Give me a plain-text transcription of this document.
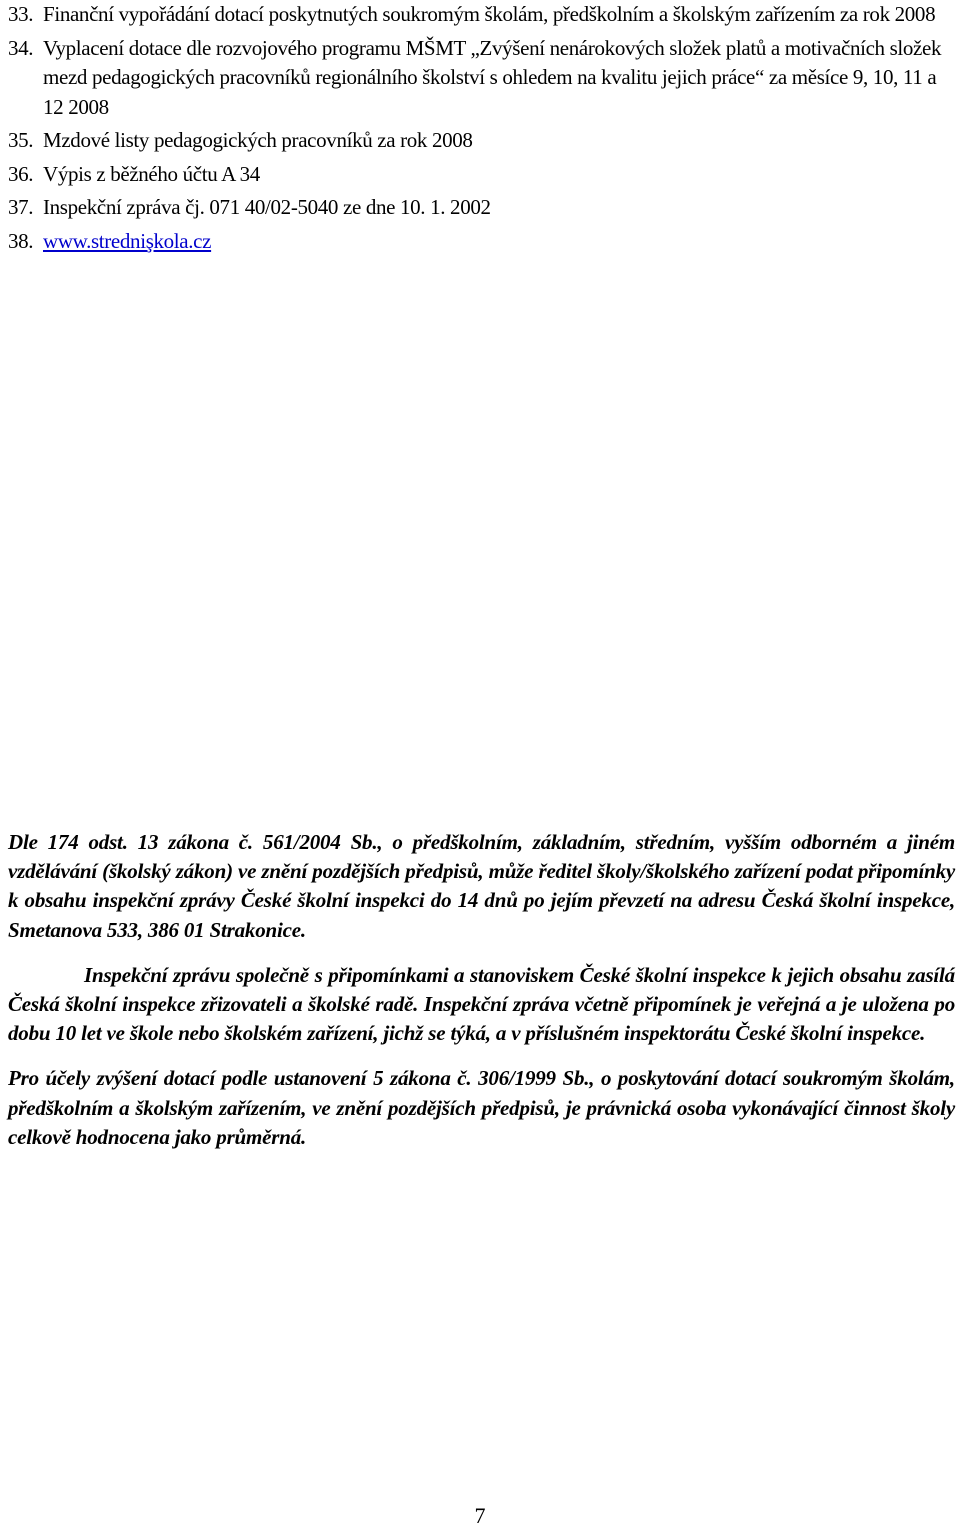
33. Finanční vypořádání dotací poskytnutých soukromým školám, předškolním a školským zařízením za rok 2008
34. Vyplacení dotace dle rozvojového programu MŠMT „Zvýšení nenárokových složek platů a motivačních složek mezd pedagogických pracovníků regionálního školství s ohledem na kvalitu jejich práce“ za měsíce 9, 10, 11 a 12 2008
35. Mzdové listy pedagogických pracovníků za rok 2008
36. Výpis z běžného účtu A 34
37. Inspekční zpráva čj. 071 40/02-5040 ze dne 10. 1. 2002
38. www.strednişkola.cz

Dle 174 odst. 13 zákona č. 561/2004 Sb., o předškolním, základním, středním, vyšším odborném a jiném vzdělávání (školský zákon) ve znění pozdějších předpisů, může ředitel školy/školského zařízení podat připomínky k obsahu inspekční zprávy České školní inspekci do 14 dnů po jejím převzetí na adresu Česká školní inspekce, Smetanova 533, 386 01 Strakonice.

Inspekční zprávu společně s připomínkami a stanoviskem České školní inspekce k jejich obsahu zasílá Česká školní inspekce zřizovateli a školské radě. Inspekční zpráva včetně připomínek je veřejná a je uložena po dobu 10 let ve škole nebo školském zařízení, jichž se týká, a v příslušném inspektorátu České školní inspekce.

Pro účely zvýšení dotací podle ustanovení 5 zákona č. 306/1999 Sb., o poskytování dotací soukromým školám, předškolním a školským zařízením, ve znění pozdějších předpisů, je právnická osoba vykonávající činnost školy celkově hodnocena jako průměrná.

7
